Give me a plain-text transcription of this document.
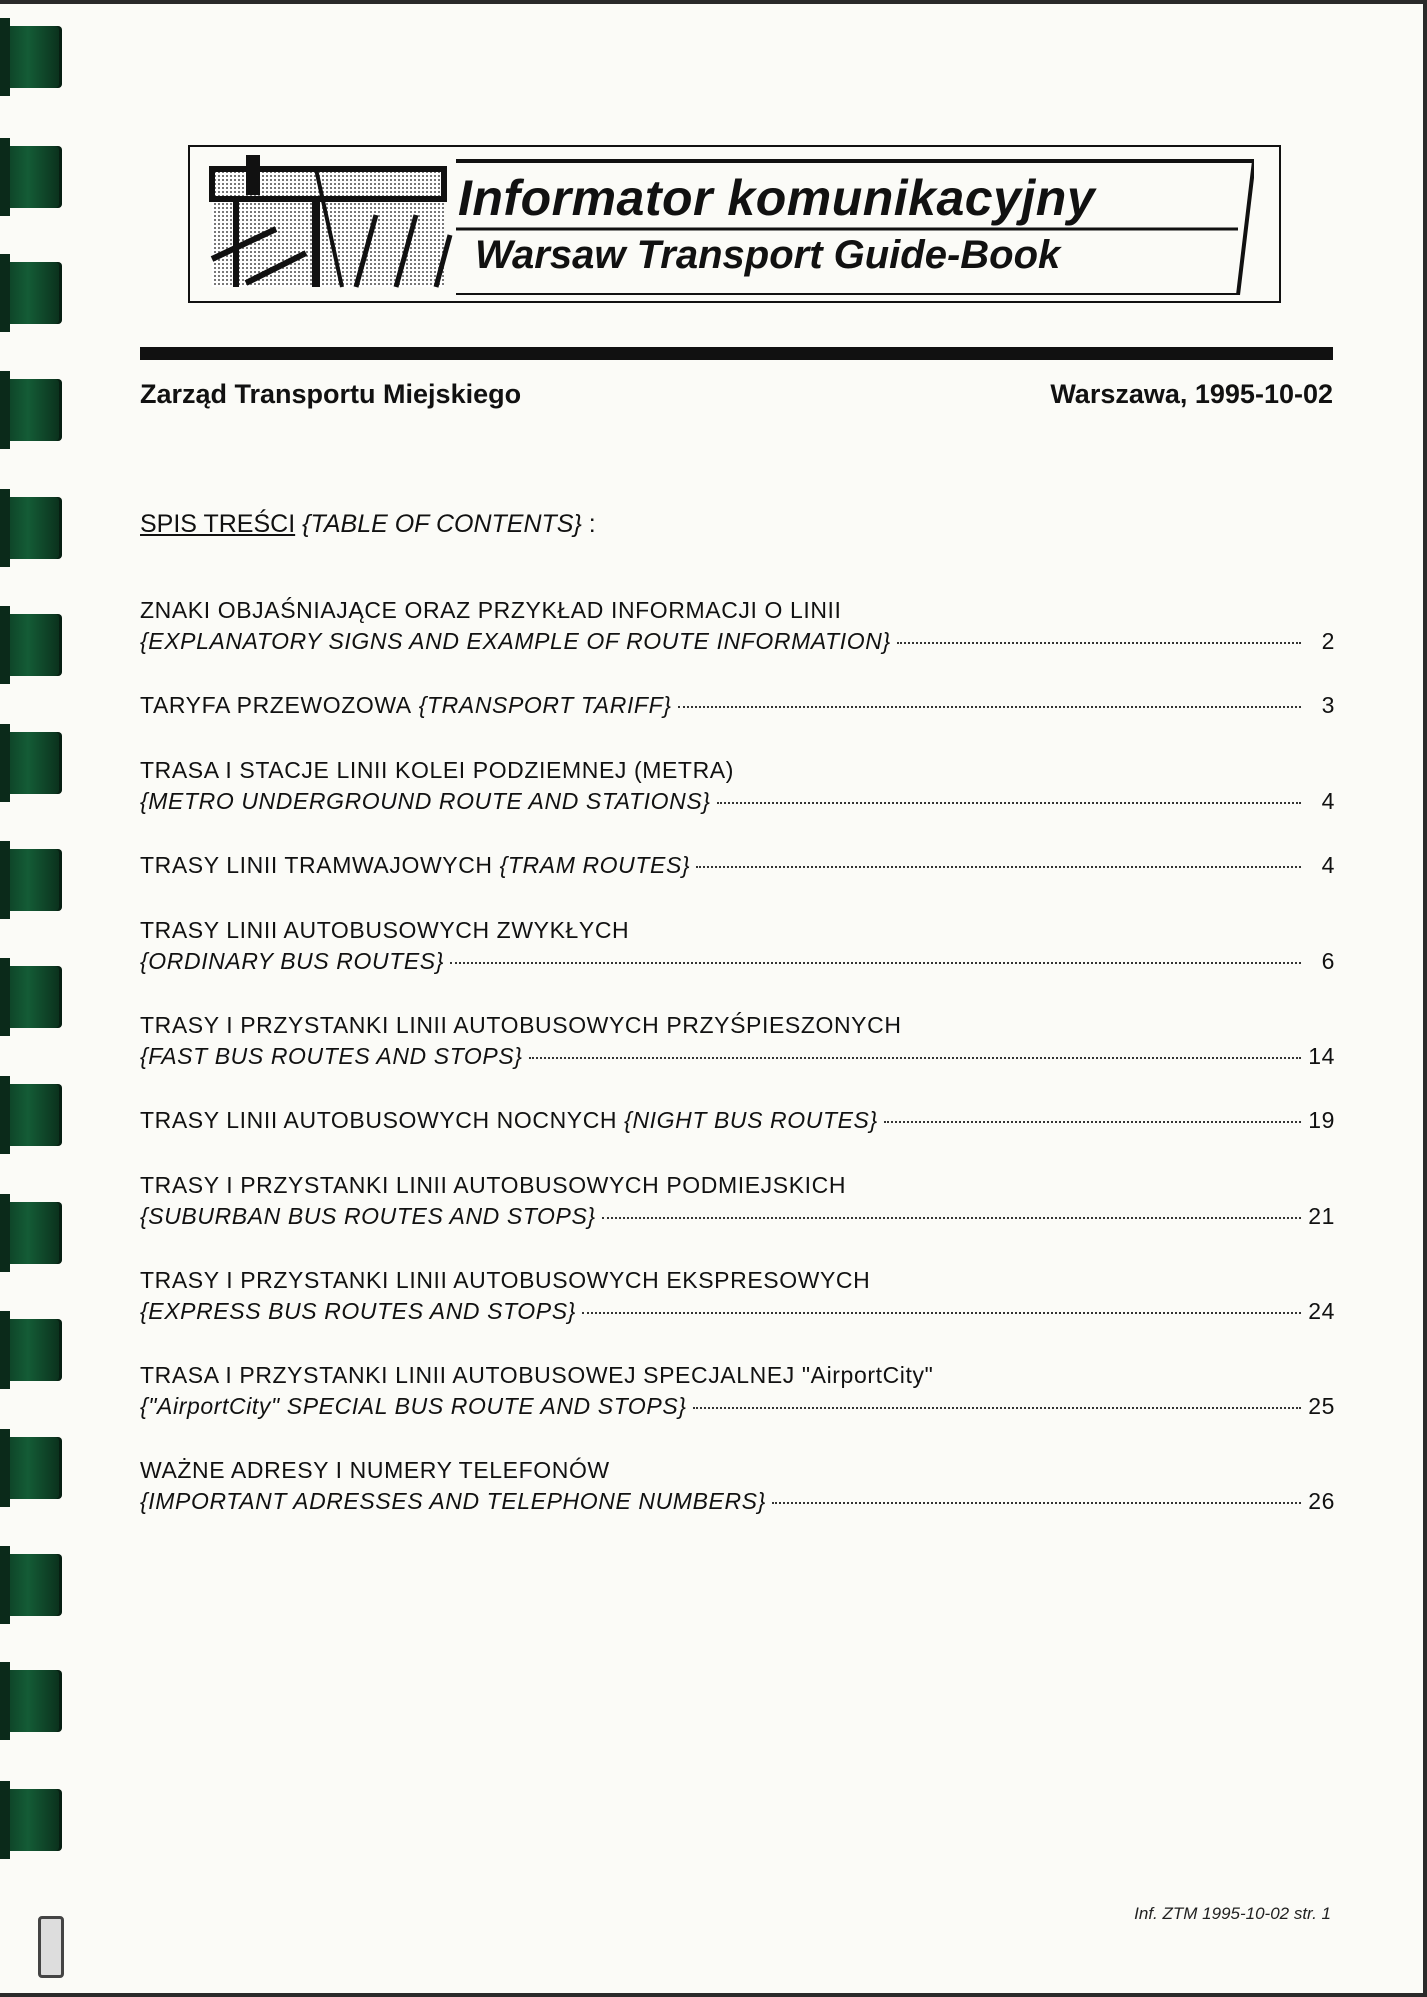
Informator komunikacyjny
Warsaw Transport Guide-Book
Zarząd Transportu Miejskiego	Warszawa, 1995-10-02
SPIS TREŚCI {TABLE OF CONTENTS} :
ZNAKI OBJAŚNIAJĄCE ORAZ PRZYKŁAD INFORMACJI O LINII
{EXPLANATORY SIGNS AND EXAMPLE OF ROUTE INFORMATION}	2
TARYFA PRZEWOZOWA
{TRANSPORT TARIFF}	3
TRASA I STACJE LINII KOLEI PODZIEMNEJ (METRA)
{METRO UNDERGROUND ROUTE AND STATIONS}	4
TRASY LINII TRAMWAJOWYCH
{TRAM ROUTES}	4
TRASY LINII AUTOBUSOWYCH ZWYKŁYCH
{ORDINARY BUS ROUTES}	6
TRASY I PRZYSTANKI LINII AUTOBUSOWYCH PRZYŚPIESZONYCH
{FAST BUS ROUTES AND STOPS}	14
TRASY LINII AUTOBUSOWYCH NOCNYCH
{NIGHT BUS ROUTES}	19
TRASY I PRZYSTANKI LINII AUTOBUSOWYCH PODMIEJSKICH
{SUBURBAN BUS ROUTES AND STOPS}	21
TRASY I PRZYSTANKI LINII AUTOBUSOWYCH EKSPRESOWYCH
{EXPRESS BUS ROUTES AND STOPS}	24
TRASA I PRZYSTANKI LINII AUTOBUSOWEJ SPECJALNEJ "AirportCity"
{"AirportCity" SPECIAL BUS ROUTE AND STOPS}	25
WAŻNE ADRESY I NUMERY TELEFONÓW
{IMPORTANT ADRESSES AND TELEPHONE NUMBERS}	26
Inf. ZTM 1995-10-02 str. 1
